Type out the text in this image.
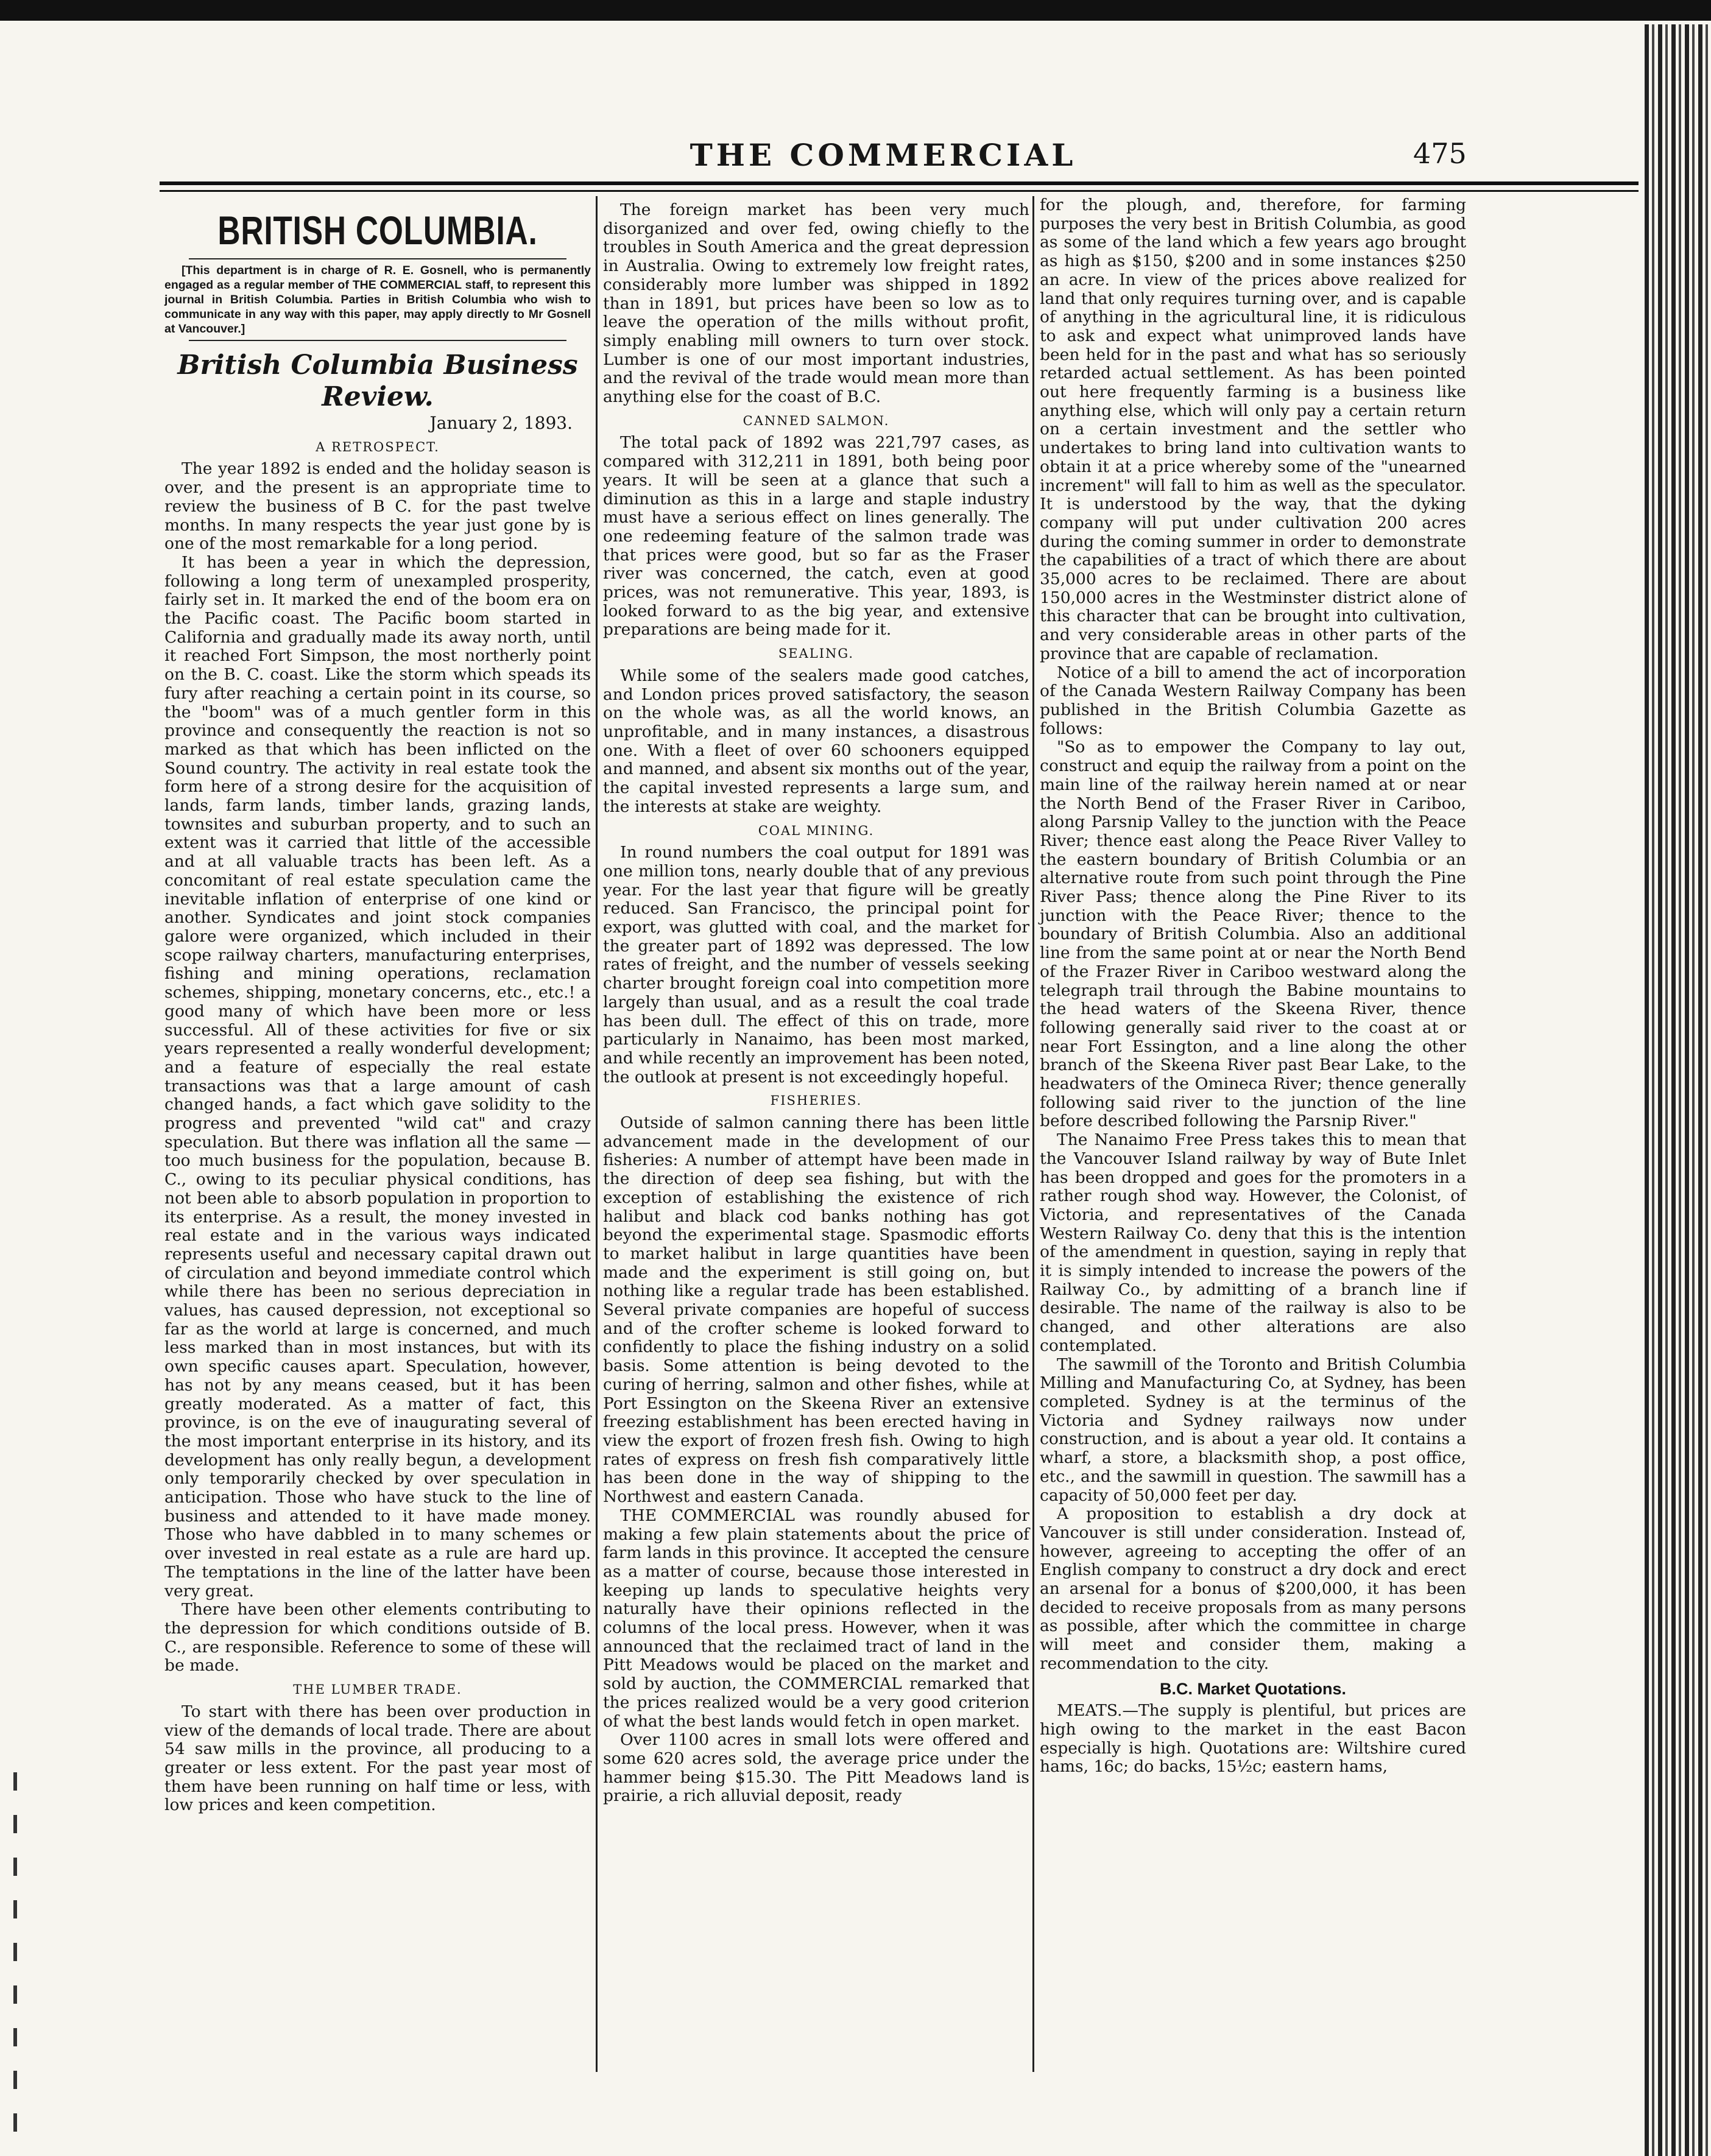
THE COMMERCIAL	475
BRITISH COLUMBIA.

[This department is in charge of R. E. Gosnell, who is permanently engaged as a regular member of THE COMMERCIAL staff, to represent this journal in British Columbia. Parties in British Columbia who wish to communicate in any way with this paper, may apply directly to Mr Gosnell at Vancouver.]

British Columbia Business Review.
January 2, 1893.
A RETROSPECT.

The year 1892 is ended and the holiday season is over, and the present is an appropriate time to review the business of B C. for the past twelve months. In many respects the year just gone by is one of the most remarkable for a long period.

It has been a year in which the depression, following a long term of unexampled prosperity, fairly set in. It marked the end of the boom era on the Pacific coast. The Pacific boom started in California and gradually made its away north, until it reached Fort Simpson, the most northerly point on the B. C. coast. Like the storm which speads its fury after reaching a certain point in its course, so the "boom" was of a much gentler form in this province and consequently the reaction is not so marked as that which has been inflicted on the Sound country. The activity in real estate took the form here of a strong desire for the acquisition of lands, farm lands, timber lands, grazing lands, townsites and suburban property, and to such an extent was it carried that little of the accessible and at all valuable tracts has been left. As a concomitant of real estate speculation came the inevitable inflation of enterprise of one kind or another. Syndicates and joint stock companies galore were organized, which included in their scope railway charters, manufacturing enterprises, fishing and mining operations, reclamation schemes, shipping, monetary concerns, etc., etc.! a good many of which have been more or less successful. All of these activities for five or six years represented a really wonderful development; and a feature of especially the real estate transactions was that a large amount of cash changed hands, a fact which gave solidity to the progress and prevented "wild cat" and crazy speculation. But there was inflation all the same —too much business for the population, because B. C., owing to its peculiar physical conditions, has not been able to absorb population in proportion to its enterprise. As a result, the money invested in real estate and in the various ways indicated represents useful and necessary capital drawn out of circulation and beyond immediate control which while there has been no serious depreciation in values, has caused depression, not exceptional so far as the world at large is concerned, and much less marked than in most instances, but with its own specific causes apart. Speculation, however, has not by any means ceased, but it has been greatly moderated. As a matter of fact, this province, is on the eve of inaugurating several of the most important enterprise in its history, and its development has only really begun, a development only temporarily checked by over speculation in anticipation. Those who have stuck to the line of business and attended to it have made money. Those who have dabbled in to many schemes or over invested in real estate as a rule are hard up. The temptations in the line of the latter have been very great.

There have been other elements contributing to the depression for which conditions outside of B. C., are responsible. Reference to some of these will be made.

THE LUMBER TRADE.

To start with there has been over production in view of the demands of local trade. There are about 54 saw mills in the province, all producing to a greater or less extent. For the past year most of them have been running on half time or less, with low prices and keen competition.

The foreign market has been very much disorganized and over fed, owing chiefly to the troubles in South America and the great depression in Australia. Owing to extremely low freight rates, considerably more lumber was shipped in 1892 than in 1891, but prices have been so low as to leave the operation of the mills without profit, simply enabling mill owners to turn over stock. Lumber is one of our most important industries, and the revival of the trade would mean more than anything else for the coast of B.C.

CANNED SALMON.

The total pack of 1892 was 221,797 cases, as compared with 312,211 in 1891, both being poor years. It will be seen at a glance that such a diminution as this in a large and staple industry must have a serious effect on lines generally. The one redeeming feature of the salmon trade was that prices were good, but so far as the Fraser river was concerned, the catch, even at good prices, was not remunerative. This year, 1893, is looked forward to as the big year, and extensive preparations are being made for it.

SEALING.

While some of the sealers made good catches, and London prices proved satisfactory, the season on the whole was, as all the world knows, an unprofitable, and in many instances, a disastrous one. With a fleet of over 60 schooners equipped and manned, and absent six months out of the year, the capital invested represents a large sum, and the interests at stake are weighty.

COAL MINING.

In round numbers the coal output for 1891 was one million tons, nearly double that of any previous year. For the last year that figure will be greatly reduced. San Francisco, the principal point for export, was glutted with coal, and the market for the greater part of 1892 was depressed. The low rates of freight, and the number of vessels seeking charter brought foreign coal into competition more largely than usual, and as a result the coal trade has been dull. The effect of this on trade, more particularly in Nanaimo, has been most marked, and while recently an improvement has been noted, the outlook at present is not exceedingly hopeful.

FISHERIES.

Outside of salmon canning there has been little advancement made in the development of our fisheries: A number of attempt have been made in the direction of deep sea fishing, but with the exception of establishing the existence of rich halibut and black cod banks nothing has got beyond the experimental stage. Spasmodic efforts to market halibut in large quantities have been made and the experiment is still going on, but nothing like a regular trade has been established. Several private companies are hopeful of success and of the crofter scheme is looked forward to confidently to place the fishing industry on a solid basis. Some attention is being devoted to the curing of herring, salmon and other fishes, while at Port Essington on the Skeena River an extensive freezing establishment has been erected having in view the export of frozen fresh fish. Owing to high rates of express on fresh fish comparatively little has been done in the way of shipping to the Northwest and eastern Canada.

THE COMMERCIAL was roundly abused for making a few plain statements about the price of farm lands in this province. It accepted the censure as a matter of course, because those interested in keeping up lands to speculative heights very naturally have their opinions reflected in the columns of the local press. However, when it was announced that the reclaimed tract of land in the Pitt Meadows would be placed on the market and sold by auction, the COMMERCIAL remarked that the prices realized would be a very good criterion of what the best lands would fetch in open market.

Over 1100 acres in small lots were offered and some 620 acres sold, the average price under the hammer being $15.30. The Pitt Meadows land is prairie, a rich alluvial deposit, ready

for the plough, and, therefore, for farming purposes the very best in British Columbia, as good as some of the land which a few years ago brought as high as $150, $200 and in some instances $250 an acre. In view of the prices above realized for land that only requires turning over, and is capable of anything in the agricultural line, it is ridiculous to ask and expect what unimproved lands have been held for in the past and what has so seriously retarded actual settlement. As has been pointed out here frequently farming is a business like anything else, which will only pay a certain return on a certain investment and the settler who undertakes to bring land into cultivation wants to obtain it at a price whereby some of the "unearned increment" will fall to him as well as the speculator. It is understood by the way, that the dyking company will put under cultivation 200 acres during the coming summer in order to demonstrate the capabilities of a tract of which there are about 35,000 acres to be reclaimed. There are about 150,000 acres in the Westminster district alone of this character that can be brought into cultivation, and very considerable areas in other parts of the province that are capable of reclamation.

Notice of a bill to amend the act of incorporation of the Canada Western Railway Company has been published in the British Columbia Gazette as follows:

"So as to empower the Company to lay out, construct and equip the railway from a point on the main line of the railway herein named at or near the North Bend of the Fraser River in Cariboo, along Parsnip Valley to the junction with the Peace River; thence east along the Peace River Valley to the eastern boundary of British Columbia or an alternative route from such point through the Pine River Pass; thence along the Pine River to its junction with the Peace River; thence to the boundary of British Columbia. Also an additional line from the same point at or near the North Bend of the Frazer River in Cariboo westward along the telegraph trail through the Babine mountains to the head waters of the Skeena River, thence following generally said river to the coast at or near Fort Essington, and a line along the other branch of the Skeena River past Bear Lake, to the headwaters of the Omineca River; thence generally following said river to the junction of the line before described following the Parsnip River."

The Nanaimo Free Press takes this to mean that the Vancouver Island railway by way of Bute Inlet has been dropped and goes for the promoters in a rather rough shod way. However, the Colonist, of Victoria, and representatives of the Canada Western Railway Co. deny that this is the intention of the amendment in question, saying in reply that it is simply intended to increase the powers of the Railway Co., by admitting of a branch line if desirable. The name of the railway is also to be changed, and other alterations are also contemplated.

The sawmill of the Toronto and British Columbia Milling and Manufacturing Co, at Sydney, has been completed. Sydney is at the terminus of the Victoria and Sydney railways now under construction, and is about a year old. It contains a wharf, a store, a blacksmith shop, a post office, etc., and the sawmill in question. The sawmill has a capacity of 50,000 feet per day.

A proposition to establish a dry dock at Vancouver is still under consideration. Instead of, however, agreeing to accepting the offer of an English company to construct a dry dock and erect an arsenal for a bonus of $200,000, it has been decided to receive proposals from as many persons as possible, after which the committee in charge will meet and consider them, making a recommendation to the city.

B.C. Market Quotations.

MEATS.—The supply is plentiful, but prices are high owing to the market in the east Bacon especially is high. Quotations are: Wiltshire cured hams, 16c; do backs, 15½c; eastern hams,
